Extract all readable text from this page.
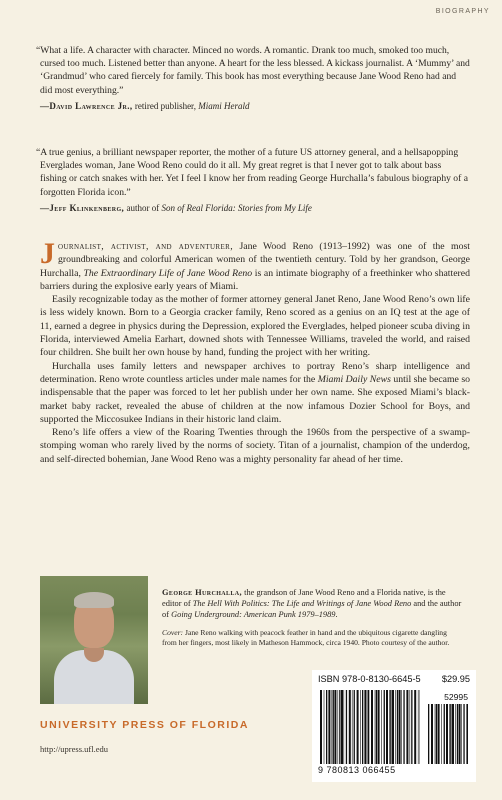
BIOGRAPHY

“What a life. A character with character. Minced no words. A romantic. Drank too much, smoked too much, cursed too much. Listened better than anyone. A heart for the less blessed. A kickass journalist. A ‘Mummy’ and ‘Grandmud’ who cared fiercely for family. This book has most everything because Jane Wood Reno had and did most everything.”

—David Lawrence Jr., retired publisher, Miami Herald

“A true genius, a brilliant newspaper reporter, the mother of a future US attorney general, and a hellsapopping Everglades woman, Jane Wood Reno could do it all. My great regret is that I never got to talk about bass fishing or catch snakes with her. Yet I feel I know her from reading George Hurchalla’s fabulous biography of a forgotten Florida icon.”

—Jeff Klinkenberg, author of Son of Real Florida: Stories from My Life

Journalist, activist, and adventurer, Jane Wood Reno (1913–1992) was one of the most groundbreaking and colorful American women of the twentieth century. Told by her grandson, George Hurchalla, The Extraordinary Life of Jane Wood Reno is an intimate biography of a freethinker who shattered barriers during the explosive early years of Miami.

Easily recognizable today as the mother of former attorney general Janet Reno, Jane Wood Reno’s own life is less widely known. Born to a Georgia cracker family, Reno scored as a genius on an IQ test at the age of 11, earned a degree in physics during the Depression, explored the Everglades, helped pioneer scuba diving in Florida, interviewed Amelia Earhart, downed shots with Tennessee Williams, traveled the world, and raised four children. She built her own house by hand, funding the project with her writing.

Hurchalla uses family letters and newspaper archives to portray Reno’s sharp intelligence and determination. Reno wrote countless articles under male names for the Miami Daily News until she became so indispensable that the paper was forced to let her publish under her own name. She exposed Miami’s black-market baby racket, revealed the abuse of children at the now infamous Dozier School for Boys, and supported the Miccosukee Indians in their historic land claim.

Reno’s life offers a view of the Roaring Twenties through the 1960s from the perspective of a swamp-stomping woman who rarely lived by the norms of society. Titan of a journalist, champion of the underdog, and self-directed bohemian, Jane Wood Reno was a mighty personality far ahead of her time.

George Hurchalla, the grandson of Jane Wood Reno and a Florida native, is the editor of The Hell With Politics: The Life and Writings of Jane Wood Reno and the author of Going Underground: American Punk 1979–1989.
Cover: Jane Reno walking with peacock feather in hand and the ubiquitous cigarette dangling from her fingers, most likely in Matheson Hammock, circa 1940. Photo courtesy of the author.
UNIVERSITY PRESS OF FLORIDA
http://upress.ufl.edu
ISBN 978-0-8130-6645-5 $29.95
52995
9 780813 066455
